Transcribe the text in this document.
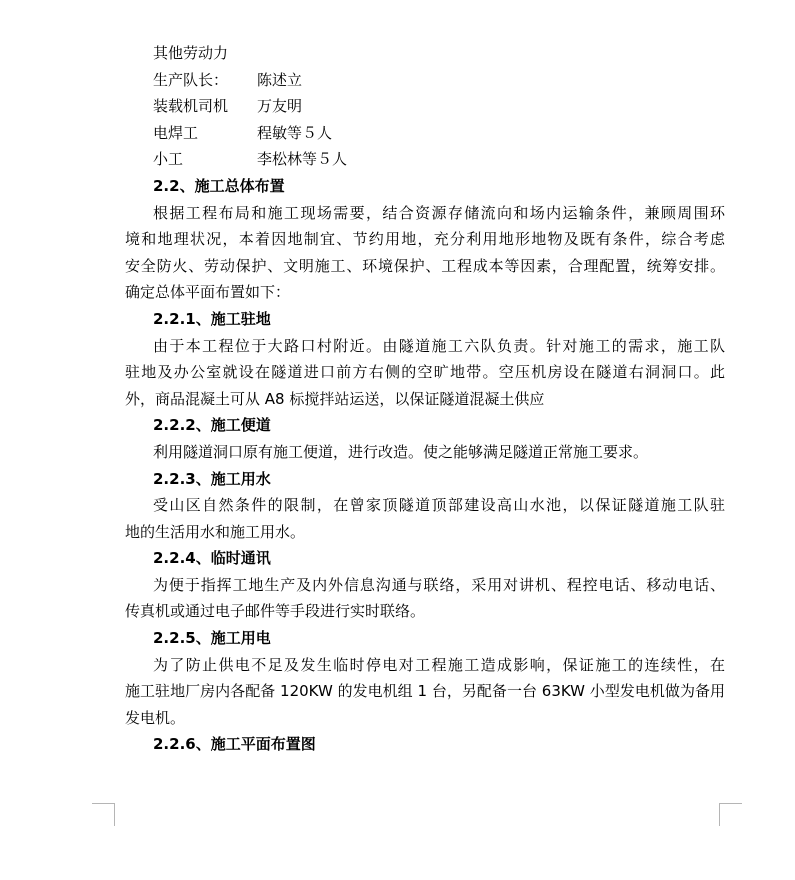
其他劳动力
生产队长：	陈述立
装载机司机	万友明
电焊工	程敏等５人
小工	李松林等５人
2.2、施工总体布置
根据工程布局和施工现场需要，结合资源存储流向和场内运输条件，兼顾周围环
境和地理状况，本着因地制宜、节约用地，充分利用地形地物及既有条件，综合考虑
安全防火、劳动保护、文明施工、环境保护、工程成本等因素，合理配置，统筹安排。
确定总体平面布置如下：
2.2.1、施工驻地
由于本工程位于大路口村附近。由隧道施工六队负责。针对施工的需求，施工队
驻地及办公室就设在隧道进口前方右侧的空旷地带。空压机房设在隧道右洞洞口。此
外，商品混凝土可从 A8 标搅拌站运送，以保证隧道混凝土供应
2.2.2、施工便道
利用隧道洞口原有施工便道，进行改造。使之能够满足隧道正常施工要求。
2.2.3、施工用水
受山区自然条件的限制，在曾家顶隧道顶部建设高山水池，以保证隧道施工队驻
地的生活用水和施工用水。
2.2.4、临时通讯
为便于指挥工地生产及内外信息沟通与联络，采用对讲机、程控电话、移动电话、
传真机或通过电子邮件等手段进行实时联络。
2.2.5、施工用电
为了防止供电不足及发生临时停电对工程施工造成影响，保证施工的连续性，在
施工驻地厂房内各配备 120KW 的发电机组 1 台，另配备一台 63KW 小型发电机做为备用
发电机。
2.2.6、施工平面布置图
